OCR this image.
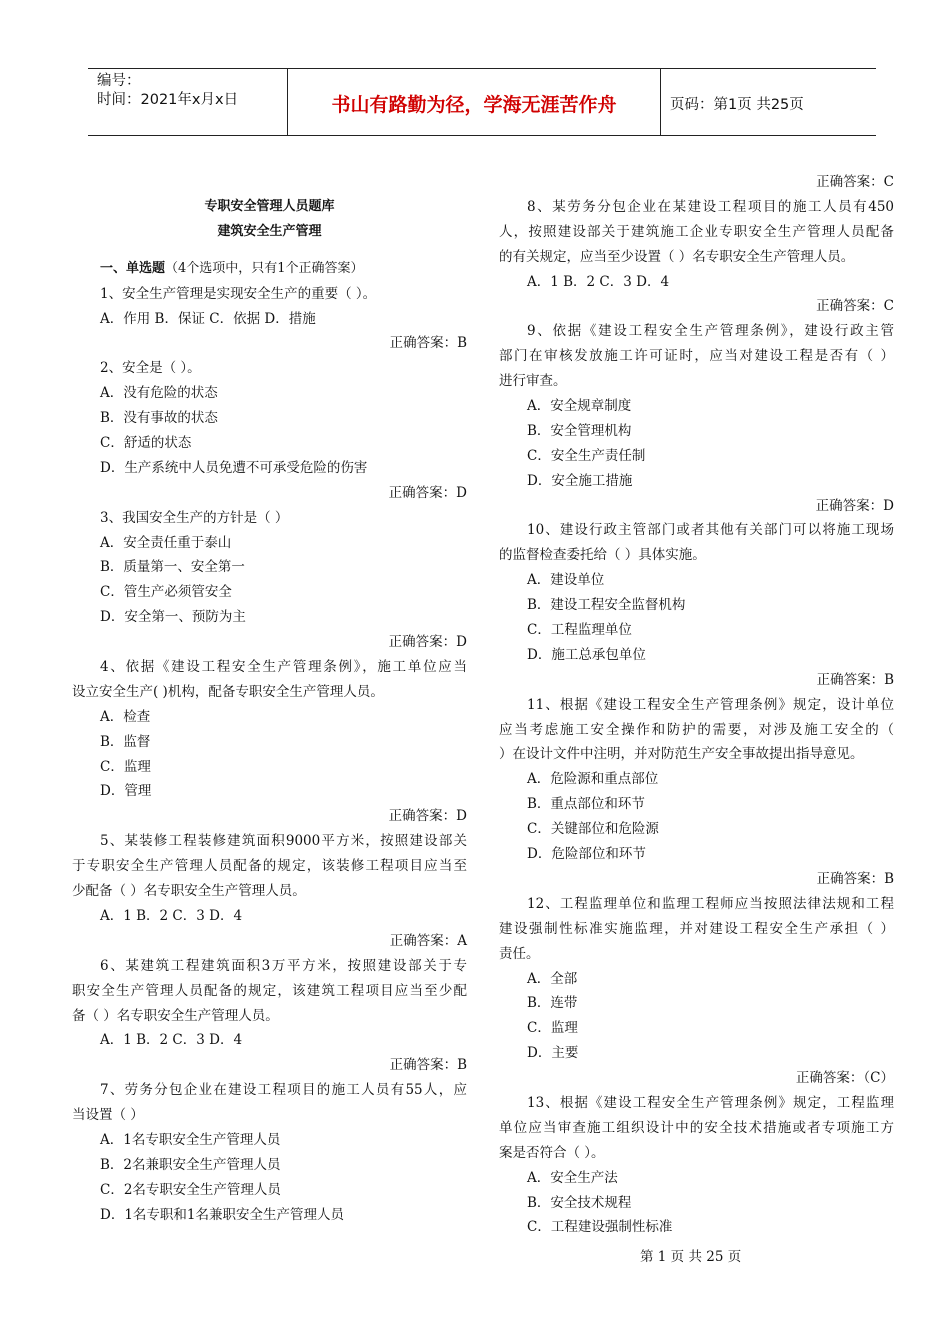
编号：
时间：2021年x月x日	书山有路勤为径，学海无涯苦作舟	页码：第1页 共25页
专职安全管理人员题库
建筑安全生产管理
一、单选题（4个选项中，只有1个正确答案）
1、安全生产管理是实现安全生产的重要（ ）。
A．作用 B．保证 C．依据 D．措施
正确答案：B
2、安全是（ ）。
A．没有危险的状态
B．没有事故的状态
C．舒适的状态
D．生产系统中人员免遭不可承受危险的伤害
正确答案：D
3、我国安全生产的方针是（ ）
A．安全责任重于泰山
B．质量第一、安全第一
C．管生产必须管安全
D．安全第一、预防为主
正确答案：D
4、依据《建设工程安全生产管理条例》，施工单位应当
设立安全生产( )机构，配备专职安全生产管理人员。
A．检查
B．监督
C．监理
D．管理
正确答案：D
5、某装修工程装修建筑面积9000平方米，按照建设部关
于专职安全生产管理人员配备的规定，该装修工程项目应当至
少配备（ ）名专职安全生产管理人员。
A．1 B．2 C．3 D．4
正确答案：A
6、某建筑工程建筑面积3万平方米，按照建设部关于专
职安全生产管理人员配备的规定，该建筑工程项目应当至少配
备（ ）名专职安全生产管理人员。
A．1 B．2 C．3 D．4
正确答案：B
7、劳务分包企业在建设工程项目的施工人员有55人，应
当设置（ ）
A．1名专职安全生产管理人员
B．2名兼职安全生产管理人员
C．2名专职安全生产管理人员
D．1名专职和1名兼职安全生产管理人员
正确答案：C
8、某劳务分包企业在某建设工程项目的施工人员有450
人，按照建设部关于建筑施工企业专职安全生产管理人员配备
的有关规定，应当至少设置（ ）名专职安全生产管理人员。
A．1 B．2 C．3 D．4
正确答案：C
9、依据《建设工程安全生产管理条例》，建设行政主管
部门在审核发放施工许可证时，应当对建设工程是否有（ ）
进行审查。
A．安全规章制度
B．安全管理机构
C．安全生产责任制
D．安全施工措施
正确答案：D
10、建设行政主管部门或者其他有关部门可以将施工现场
的监督检查委托给（ ）具体实施。
A．建设单位
B．建设工程安全监督机构
C．工程监理单位
D．施工总承包单位
正确答案：B
11、根据《建设工程安全生产管理条例》规定，设计单位
应当考虑施工安全操作和防护的需要，对涉及施工安全的（
）在设计文件中注明，并对防范生产安全事故提出指导意见。
A．危险源和重点部位
B．重点部位和环节
C．关键部位和危险源
D．危险部位和环节
正确答案：B
12、工程监理单位和监理工程师应当按照法律法规和工程
建设强制性标准实施监理，并对建设工程安全生产承担（ ）
责任。
A．全部
B．连带
C．监理
D．主要
正确答案：（C）
13、根据《建设工程安全生产管理条例》规定，工程监理
单位应当审查施工组织设计中的安全技术措施或者专项施工方
案是否符合（ ）。
A．安全生产法
B．安全技术规程
C．工程建设强制性标准
第 1 页 共 25 页
